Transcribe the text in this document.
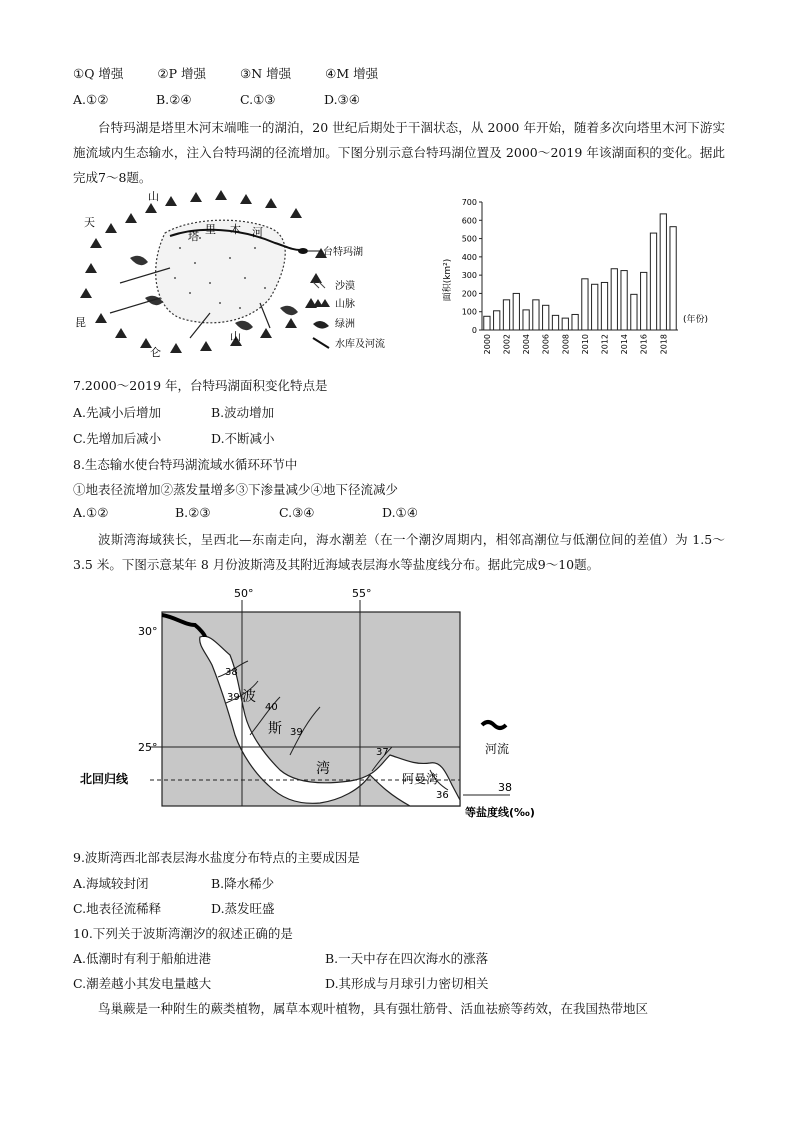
①Q 增强	②P 增强	③N 增强	④M 增强
A.①②	B.②④	C.①③	D.③④
台特玛湖是塔里木河末端唯一的湖泊，20 世纪后期处于干涸状态，从 2000 年开始，随着多次向塔里木河下游实施流域内生态输水，注入台特玛湖的径流增加。下图分别示意台特玛湖位置及 2000～2019 年该湖面积的变化。据此完成7～8题。
台特玛湖
天
山
塔
里 木 河
昆
仑
山
沙漠
山脉
绿洲
水库及河流
0
100
200
300
400
500
600
700
2000 2002 2004 2006 2008 2010 2012 2014 2016 2018
面积(km²)
(年份)
7.2000～2019 年，台特玛湖面积变化特点是
A.先减小后增加	B.波动增加
C.先增加后减小	D.不断减小
8.生态输水使台特玛湖流域水循环环节中
①地表径流增加②蒸发量增多③下渗量减少④地下径流减少
A.①②	B.②③	C.③④	D.①④
波斯湾海域狭长，呈西北—东南走向，海水潮差（在一个潮汐周期内，相邻高潮位与低潮位间的差值）为 1.5～3.5 米。下图示意某年 8 月份波斯湾及其附近海域表层海水等盐度线分布。据此完成9～10题。
38
39
40
39
37
36
波
斯
湾
阿曼湾
50°	55°
30°
25°
北回归线
河流
38
等盐度线(‰)
9.波斯湾西北部表层海水盐度分布特点的主要成因是
A.海域较封闭	B.降水稀少
C.地表径流稀释	D.蒸发旺盛
10.下列关于波斯湾潮汐的叙述正确的是
A.低潮时有利于船舶进港	B.一天中存在四次海水的涨落
C.潮差越小其发电量越大	D.其形成与月球引力密切相关
鸟巢蕨是一种附生的蕨类植物，属草本观叶植物，具有强壮筋骨、活血祛瘀等药效，在我国热带地区
